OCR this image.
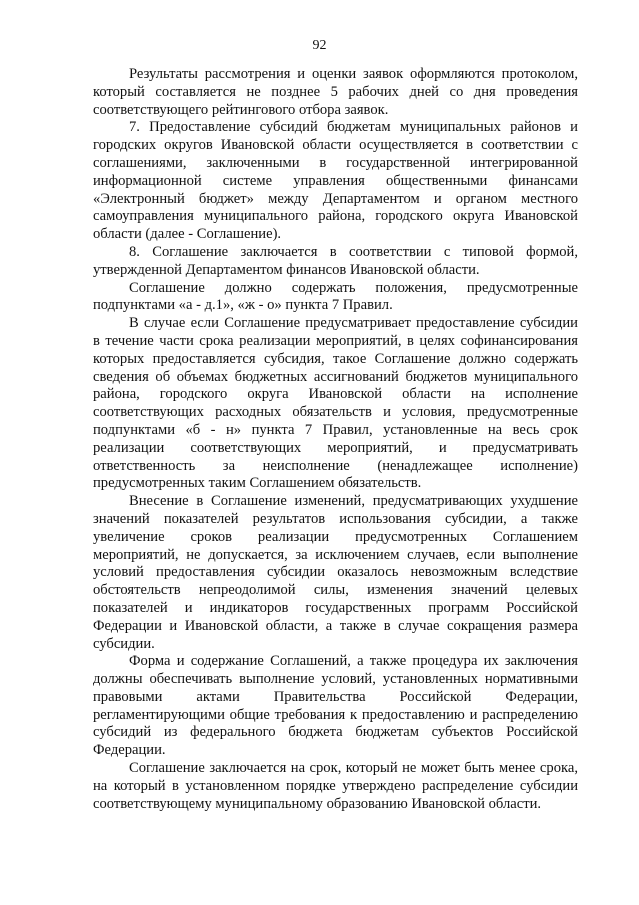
92

Результаты рассмотрения и оценки заявок оформляются протоколом, который составляется не позднее 5 рабочих дней со дня проведения соответствующего рейтингового отбора заявок.

7. Предоставление субсидий бюджетам муниципальных районов и городских округов Ивановской области осуществляется в соответствии с соглашениями, заключенными в государственной интегрированной информационной системе управления общественными финансами «Электронный бюджет» между Департаментом и органом местного самоуправления муниципального района, городского округа Ивановской области (далее - Соглашение).

8. Соглашение заключается в соответствии с типовой формой, утвержденной Департаментом финансов Ивановской области.

Соглашение должно содержать положения, предусмотренные подпунктами «а - д.1», «ж - о» пункта 7 Правил.

В случае если Соглашение предусматривает предоставление субсидии в течение части срока реализации мероприятий, в целях софинансирования которых предоставляется субсидия, такое Соглашение должно содержать сведения об объемах бюджетных ассигнований бюджетов муниципального района, городского округа Ивановской области на исполнение соответствующих расходных обязательств и условия, предусмотренные подпунктами «б - н» пункта 7 Правил, установленные на весь срок реализации соответствующих мероприятий, и предусматривать ответственность за неисполнение (ненадлежащее исполнение) предусмотренных таким Соглашением обязательств.

Внесение в Соглашение изменений, предусматривающих ухудшение значений показателей результатов использования субсидии, а также увеличение сроков реализации предусмотренных Соглашением мероприятий, не допускается, за исключением случаев, если выполнение условий предоставления субсидии оказалось невозможным вследствие обстоятельств непреодолимой силы, изменения значений целевых показателей и индикаторов государственных программ Российской Федерации и Ивановской области, а также в случае сокращения размера субсидии.

Форма и содержание Соглашений, а также процедура их заключения должны обеспечивать выполнение условий, установленных нормативными правовыми актами Правительства Российской Федерации, регламентирующими общие требования к предоставлению и распределению субсидий из федерального бюджета бюджетам субъектов Российской Федерации.

Соглашение заключается на срок, который не может быть менее срока, на который в установленном порядке утверждено распределение субсидии соответствующему муниципальному образованию Ивановской области.
